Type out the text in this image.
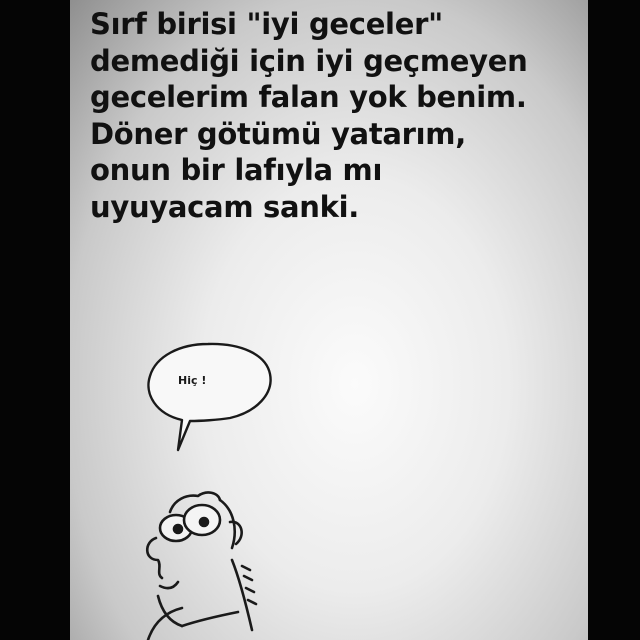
Sırf birisi "iyi geceler"
demediği için iyi geçmeyen
gecelerim falan yok benim.
Döner götümü yatarım,
onun bir lafıyla mı
uyuyacam sanki.

Hiç !
